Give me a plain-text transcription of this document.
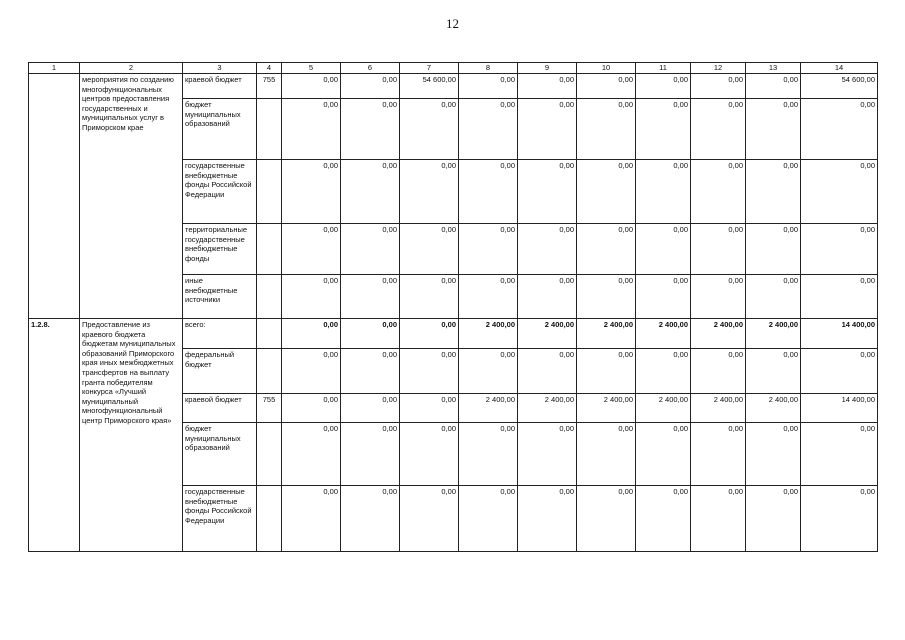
12
1	2	3	4	5	6	7	8	9	10	11	12	13	14
	мероприятия по созданию многофункциональных центров предоставления государственных и муниципальных услуг в Приморском крае	краевой бюджет	755	0,00	0,00	54 600,00	0,00	0,00	0,00	0,00	0,00	0,00	54 600,00
		бюджет муниципальных образований		0,00	0,00	0,00	0,00	0,00	0,00	0,00	0,00	0,00	0,00
		государственные внебюджетные фонды Российской Федерации		0,00	0,00	0,00	0,00	0,00	0,00	0,00	0,00	0,00	0,00
		территориальные государственные внебюджетные фонды		0,00	0,00	0,00	0,00	0,00	0,00	0,00	0,00	0,00	0,00
		иные внебюджетные источники		0,00	0,00	0,00	0,00	0,00	0,00	0,00	0,00	0,00	0,00
1.2.8.	Предоставление из краевого бюджета бюджетам муниципальных образований Приморского края иных межбюджетных трансфертов на выплату гранта победителям конкурса «Лучший муниципальный многофункциональный центр Приморского края»	всего:		0,00	0,00	0,00	2 400,00	2 400,00	2 400,00	2 400,00	2 400,00	2 400,00	14 400,00
		федеральный бюджет		0,00	0,00	0,00	0,00	0,00	0,00	0,00	0,00	0,00	0,00
		краевой бюджет	755	0,00	0,00	0,00	2 400,00	2 400,00	2 400,00	2 400,00	2 400,00	2 400,00	14 400,00
		бюджет муниципальных образований		0,00	0,00	0,00	0,00	0,00	0,00	0,00	0,00	0,00	0,00
		государственные внебюджетные фонды Российской Федерации		0,00	0,00	0,00	0,00	0,00	0,00	0,00	0,00	0,00	0,00
